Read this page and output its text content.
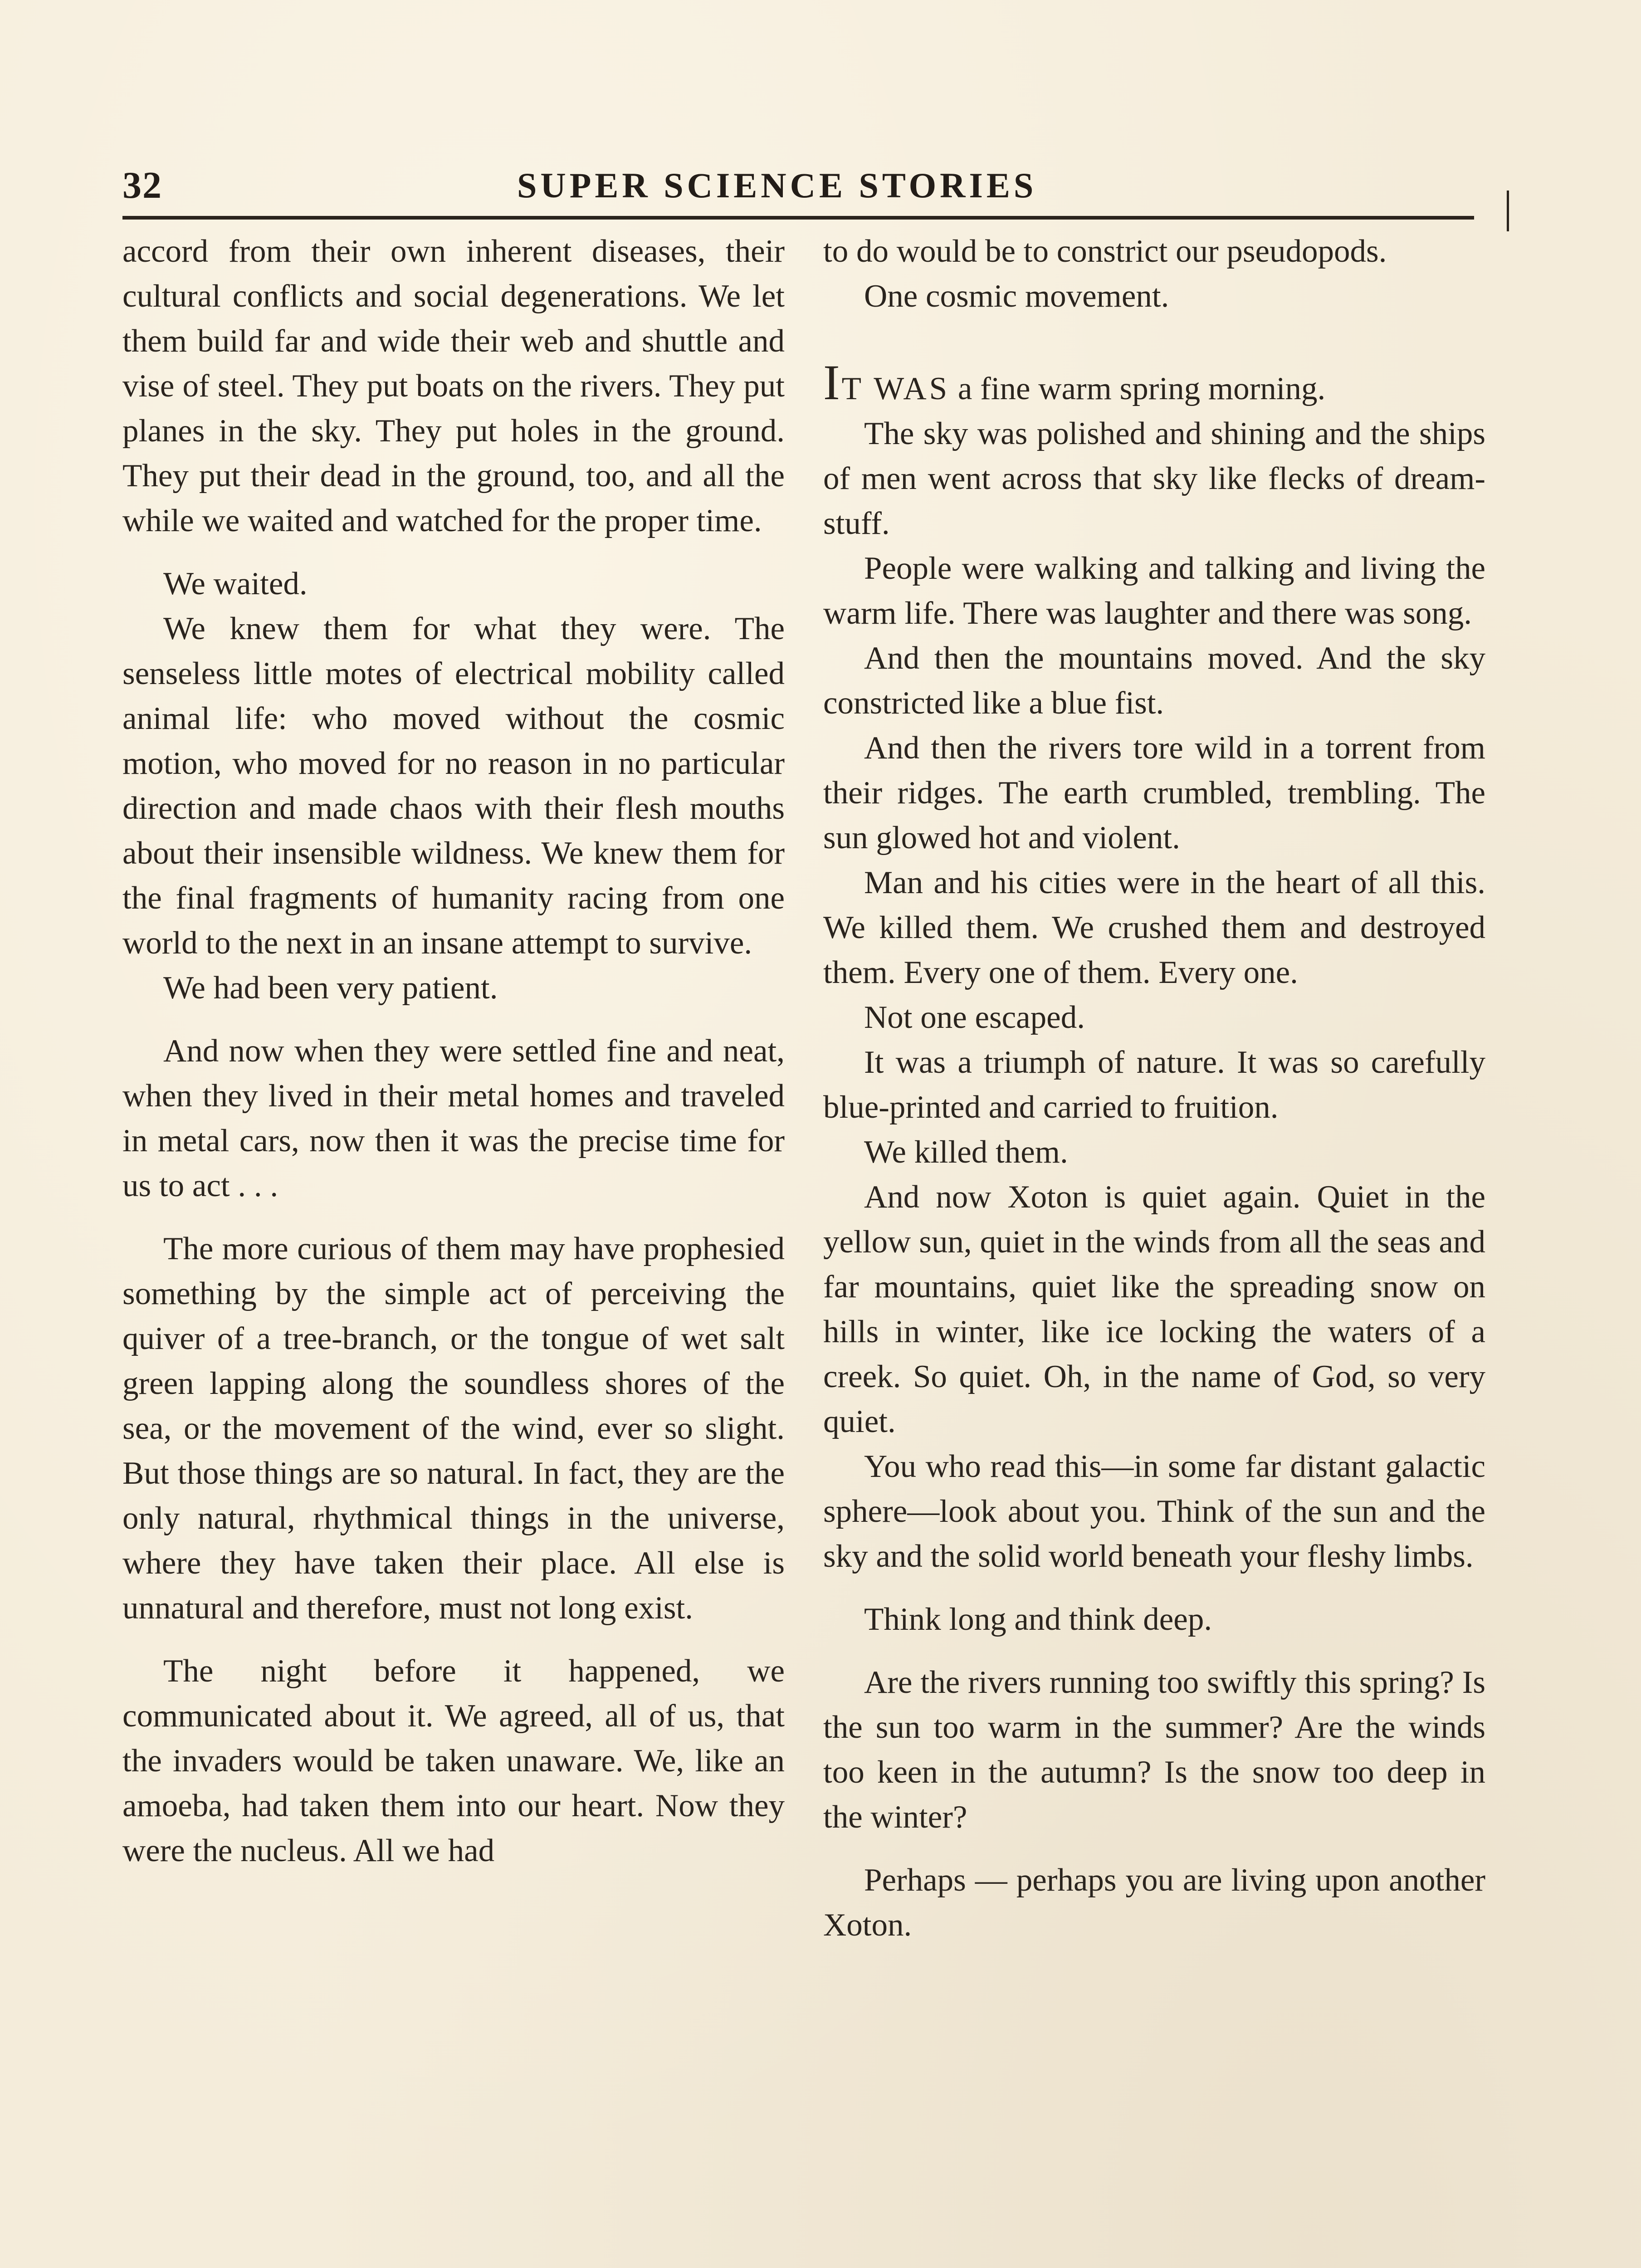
32	SUPER SCIENCE STORIES

accord from their own inherent diseases, their cultural conflicts and social degenerations. We let them build far and wide their web and shuttle and vise of steel. They put boats on the rivers. They put planes in the sky. They put holes in the ground. They put their dead in the ground, too, and all the while we waited and watched for the proper time.

We waited.

We knew them for what they were. The senseless little motes of electrical mobility called animal life: who moved without the cosmic motion, who moved for no reason in no particular direction and made chaos with their flesh mouths about their insensible wildness. We knew them for the final fragments of humanity racing from one world to the next in an insane attempt to survive.

We had been very patient.

And now when they were settled fine and neat, when they lived in their metal homes and traveled in metal cars, now then it was the precise time for us to act . . .

The more curious of them may have prophesied something by the simple act of perceiving the quiver of a tree-branch, or the tongue of wet salt green lapping along the soundless shores of the sea, or the movement of the wind, ever so slight. But those things are so natural. In fact, they are the only natural, rhythmical things in the universe, where they have taken their place. All else is unnatural and therefore, must not long exist.

The night before it happened, we communicated about it. We agreed, all of us, that the invaders would be taken unaware. We, like an amoeba, had taken them into our heart. Now they were the nucleus. All we had

to do would be to constrict our pseudopods.

One cosmic movement.

IT WAS a fine warm spring morning.

The sky was polished and shining and the ships of men went across that sky like flecks of dream-stuff.

People were walking and talking and living the warm life. There was laughter and there was song.

And then the mountains moved. And the sky constricted like a blue fist.

And then the rivers tore wild in a torrent from their ridges. The earth crumbled, trembling. The sun glowed hot and violent.

Man and his cities were in the heart of all this. We killed them. We crushed them and destroyed them. Every one of them. Every one.

Not one escaped.

It was a triumph of nature. It was so carefully blue-printed and carried to fruition.

We killed them.

And now Xoton is quiet again. Quiet in the yellow sun, quiet in the winds from all the seas and far mountains, quiet like the spreading snow on hills in winter, like ice locking the waters of a creek. So quiet. Oh, in the name of God, so very quiet.

You who read this—in some far distant galactic sphere—look about you. Think of the sun and the sky and the solid world beneath your fleshy limbs.

Think long and think deep.

Are the rivers running too swiftly this spring? Is the sun too warm in the summer? Are the winds too keen in the autumn? Is the snow too deep in the winter?

Perhaps — perhaps you are living upon another Xoton.
